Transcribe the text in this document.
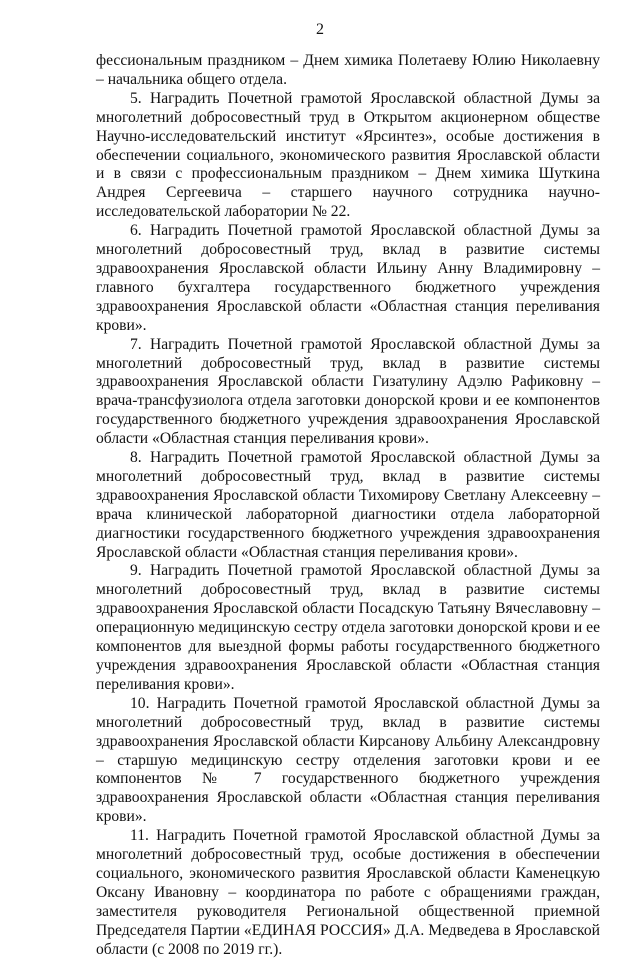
2

фессиональным праздником – Днем химика Полетаеву Юлию Николаевну – начальника общего отдела.

5. Наградить Почетной грамотой Ярославской областной Думы за многолетний добросовестный труд в Открытом акционерном обществе Научно-исследовательский институт «Ярсинтез», особые достижения в обеспечении социального, экономического развития Ярославской области и в связи с профессиональным праздником – Днем химика Шуткина Андрея Сергеевича – старшего научного сотрудника научно-исследовательской лаборатории № 22.

6. Наградить Почетной грамотой Ярославской областной Думы за многолетний добросовестный труд, вклад в развитие системы здравоохранения Ярославской области Ильину Анну Владимировну – главного бухгалтера государственного бюджетного учреждения здравоохранения Ярославской области «Областная станция переливания крови».

7. Наградить Почетной грамотой Ярославской областной Думы за многолетний добросовестный труд, вклад в развитие системы здравоохранения Ярославской области Гизатулину Адэлю Рафиковну – врача-трансфузиолога отдела заготовки донорской крови и ее компонентов государственного бюджетного учреждения здравоохранения Ярославской области «Областная станция переливания крови».

8. Наградить Почетной грамотой Ярославской областной Думы за многолетний добросовестный труд, вклад в развитие системы здравоохранения Ярославской области Тихомирову Светлану Алексеевну – врача клинической лабораторной диагностики отдела лабораторной диагностики государственного бюджетного учреждения здравоохранения Ярославской области «Областная станция переливания крови».

9. Наградить Почетной грамотой Ярославской областной Думы за многолетний добросовестный труд, вклад в развитие системы здравоохранения Ярославской области Посадскую Татьяну Вячеславовну – операционную медицинскую сестру отдела заготовки донорской крови и ее компонентов для выездной формы работы государственного бюджетного учреждения здравоохранения Ярославской области «Областная станция переливания крови».

10. Наградить Почетной грамотой Ярославской областной Думы за многолетний добросовестный труд, вклад в развитие системы здравоохранения Ярославской области Кирсанову Альбину Александровну – старшую медицинскую сестру отделения заготовки крови и ее компонентов № 7 государственного бюджетного учреждения здравоохранения Ярославской области «Областная станция переливания крови».

11. Наградить Почетной грамотой Ярославской областной Думы за многолетний добросовестный труд, особые достижения в обеспечении социального, экономического развития Ярославской области Каменецкую Оксану Ивановну – координатора по работе с обращениями граждан, заместителя руководителя Региональной общественной приемной Председателя Партии «ЕДИНАЯ РОССИЯ» Д.А. Медведева в Ярославской области (с 2008 по 2019 гг.).
